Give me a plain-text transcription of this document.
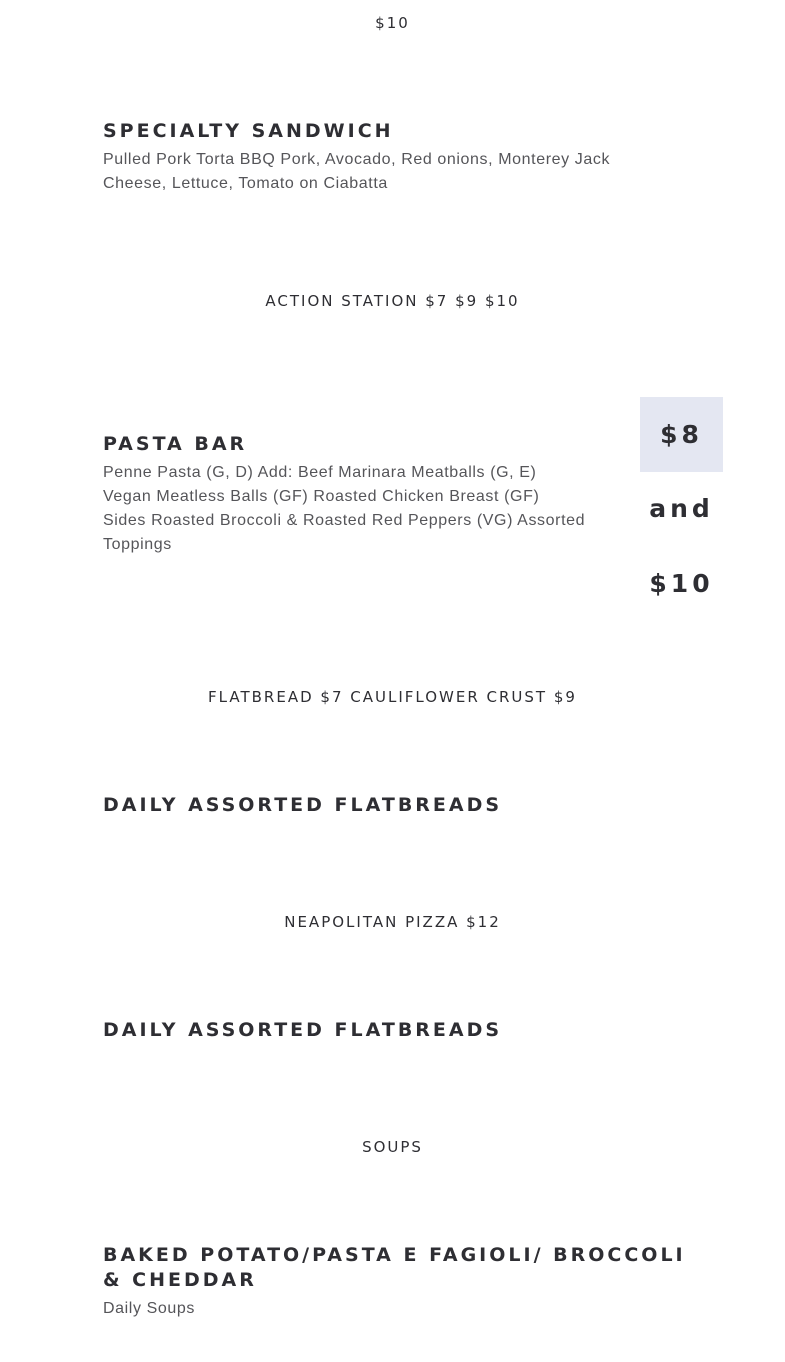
$10
SPECIALTY SANDWICH
Pulled Pork Torta BBQ Pork, Avocado, Red onions, Monterey Jack
Cheese, Lettuce, Tomato on Ciabatta
ACTION STATION $7 $9 $10
PASTA BAR
Penne Pasta (G, D) Add: Beef Marinara Meatballs (G, E)
Vegan Meatless Balls (GF) Roasted Chicken Breast (GF)
Sides Roasted Broccoli & Roasted Red Peppers (VG) Assorted
Toppings
$8
and
$10
FLATBREAD $7 CAULIFLOWER CRUST $9
DAILY ASSORTED FLATBREADS
NEAPOLITAN PIZZA $12
DAILY ASSORTED FLATBREADS
SOUPS
BAKED POTATO/PASTA E FAGIOLI/ BROCCOLI
& CHEDDAR
Daily Soups
